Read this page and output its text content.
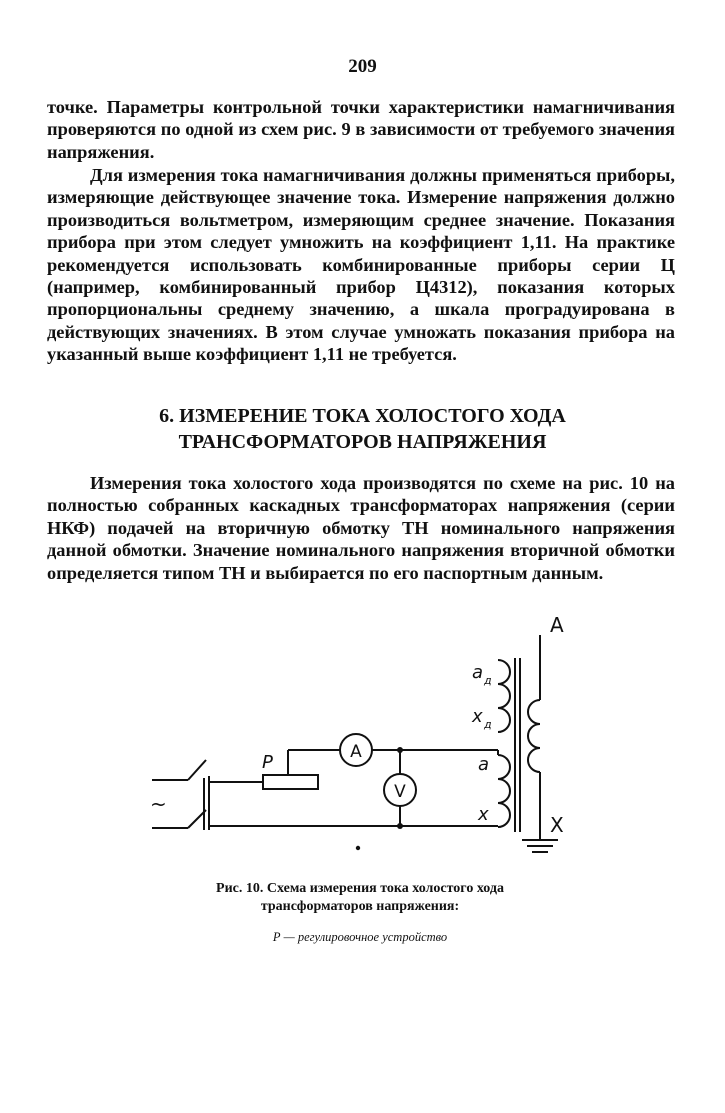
209

точке. Параметры контрольной точки характеристики намагничивания проверяются по одной из схем рис. 9 в зависимости от требуемого значения напряжения.

Для измерения тока намагничивания должны применяться приборы, измеряющие действующее значение тока. Измерение напряжения должно производиться вольтметром, измеряющим среднее значение. Показания прибора при этом следует умножить на коэффициент 1,11. На практике рекомендуется использовать комбинированные приборы серии Ц (например, комбинированный прибор Ц4312), показания которых пропорциональны среднему значению, а шкала проградуирована в действующих значениях. В этом случае умножать показания прибора на указанный выше коэффициент 1,11 не требуется.

6. ИЗМЕРЕНИЕ ТОКА ХОЛОСТОГО ХОДА
ТРАНСФОРМАТОРОВ НАПРЯЖЕНИЯ

Измерения тока холостого хода производятся по схеме на рис. 10 на полностью собранных каскадных трансформаторах напряжения (серии НКФ) подачей на вторичную обмотку ТН номинального напряжения данной обмотки. Значение номинального напряжения вторичной обмотки определяется типом ТН и выбирается по его паспортным данным.

~
P	A
V
a д
x д
a
x
A
X

Рис. 10. Схема измерения тока холостого хода
трансформаторов напряжения:

Р — регулировочное устройство
